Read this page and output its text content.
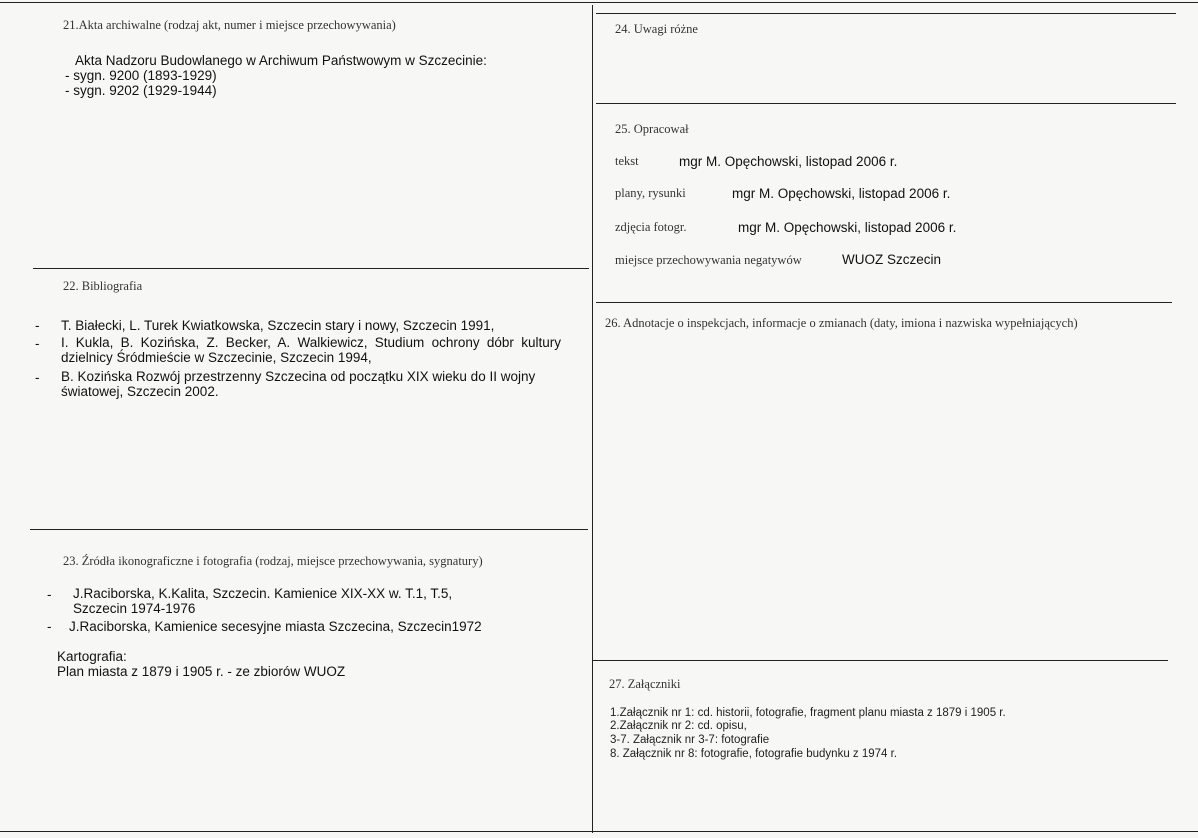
21.Akta archiwalne (rodzaj akt, numer i miejsce przechowywania)
Akta Nadzoru Budowlanego w Archiwum Państwowym w Szczecinie:
- sygn. 9200 (1893-1929)
- sygn. 9202 (1929-1944)
22. Bibliografia
- T. Białecki, L. Turek Kwiatkowska, Szczecin stary i nowy, Szczecin 1991,
- I. Kukla, B. Kozińska, Z. Becker, A. Walkiewicz, Studium ochrony dóbr kultury dzielnicy Śródmieście w Szczecinie, Szczecin 1994,
- B. Kozińska Rozwój przestrzenny Szczecina od początku XIX wieku do II wojny światowej, Szczecin 2002.
23. Źródła ikonograficzne i fotografia (rodzaj, miejsce przechowywania, sygnatury)
- J.Raciborska, K.Kalita, Szczecin. Kamienice XIX-XX w. T.1, T.5, Szczecin 1974-1976
- J.Raciborska, Kamienice secesyjne miasta Szczecina, Szczecin1972
Kartografia:
Plan miasta z 1879 i 1905 r. - ze zbiorów WUOZ
24. Uwagi różne
25. Opracował
tekst	mgr M. Opęchowski, listopad 2006 r.
plany, rysunki	mgr M. Opęchowski, listopad 2006 r.
zdjęcia fotogr.	mgr M. Opęchowski, listopad 2006 r.
miejsce przechowywania negatywów	WUOZ Szczecin
26. Adnotacje o inspekcjach, informacje o zmianach (daty, imiona i nazwiska wypełniających)
27. Załączniki
1.Załącznik nr 1: cd. historii, fotografie, fragment planu miasta z 1879 i 1905 r.
2.Załącznik nr 2: cd. opisu,
3-7. Załącznik nr 3-7: fotografie
8. Załącznik nr 8: fotografie, fotografie budynku z 1974 r.
